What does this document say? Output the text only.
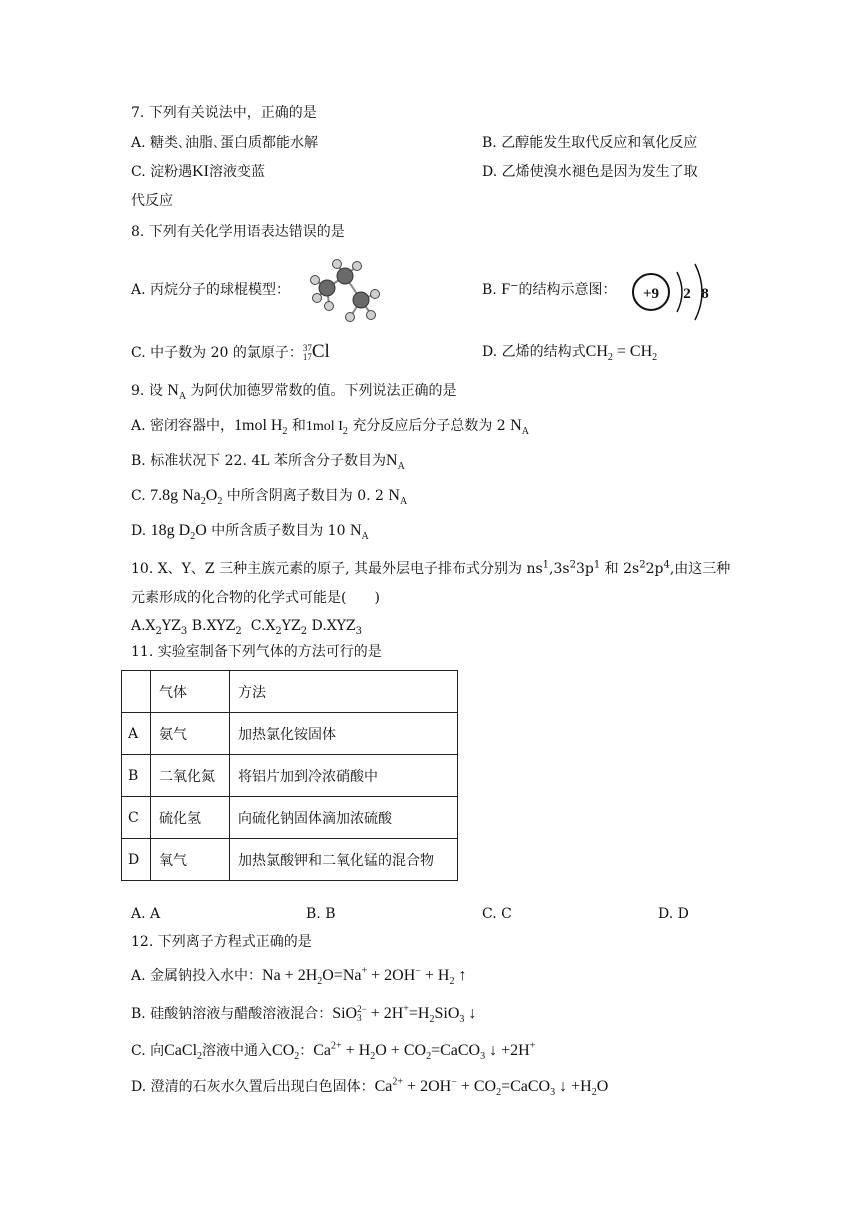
7. 下列有关说法中，正确的是
A. 糖类､油脂､蛋白质都能水解	B. 乙醇能发生取代反应和氧化反应
C. 淀粉遇KI溶液变蓝	D. 乙烯使溴水褪色是因为发生了取
代反应
8. 下列有关化学用语表达错误的是
A. 丙烷分子的球棍模型：	B. F−的结构示意图： +9 2 8
C. 中子数为 20 的氯原子：37
17Cl	D. 乙烯的结构式$CH_2 = CH_2$
9. 设 $N_A$ 为阿伏加德罗常数的值。下列说法正确的是
A. 密闭容器中，1mol $H_2$ 和1mol $I_2$ 充分反应后分子总数为 2 $N_A$
B. 标准状况下 22. 4L 苯所含分子数目为$N_A$
C. 7.8g $Na_2O_2$ 中所含阴离子数目为 0. 2 $N_A$
D. 18g $D_2O$ 中所含质子数目为 10 $N_A$
10. X、Y、Z 三种主族元素的原子, 其最外层电子排布式分别为 $ns^1,3s^23p^1$ 和 $2s^22p^4$,由这三种
元素形成的化合物的化学式可能是(　　)
$A.X_2YZ_3$ $B.XYZ_2$ $C.X_2YZ_2$ $D.XYZ_3$
11. 实验室制备下列气体的方法可行的是
	气体	方法
A	氨气	加热氯化铵固体
B	二氧化氮	将铝片加到冷浓硝酸中
C	硫化氢	向硫化钠固体滴加浓硫酸
D	氧气	加热氯酸钾和二氧化锰的混合物
A. A	B. B	C. C	D. D
12. 下列离子方程式正确的是
A. 金属钠投入水中：$Na + 2H_2O=Na^+ + 2OH^- + H_2$ ↑
B. 硅酸钠溶液与醋酸溶液混合：SiO2−
$3 + 2H^+=H_2SiO_3$ ↓
C. 向CaCl$_2$溶液中通入$CO_2$：$Ca^{2+} + H_2O$ + $CO_2=CaCO_3$ ↓ +2H+
D. 澄清的石灰水久置后出现白色固体：$Ca^{2+} + 2OH^-$ + $CO_2=CaCO_3$ ↓ $+H_2O$
